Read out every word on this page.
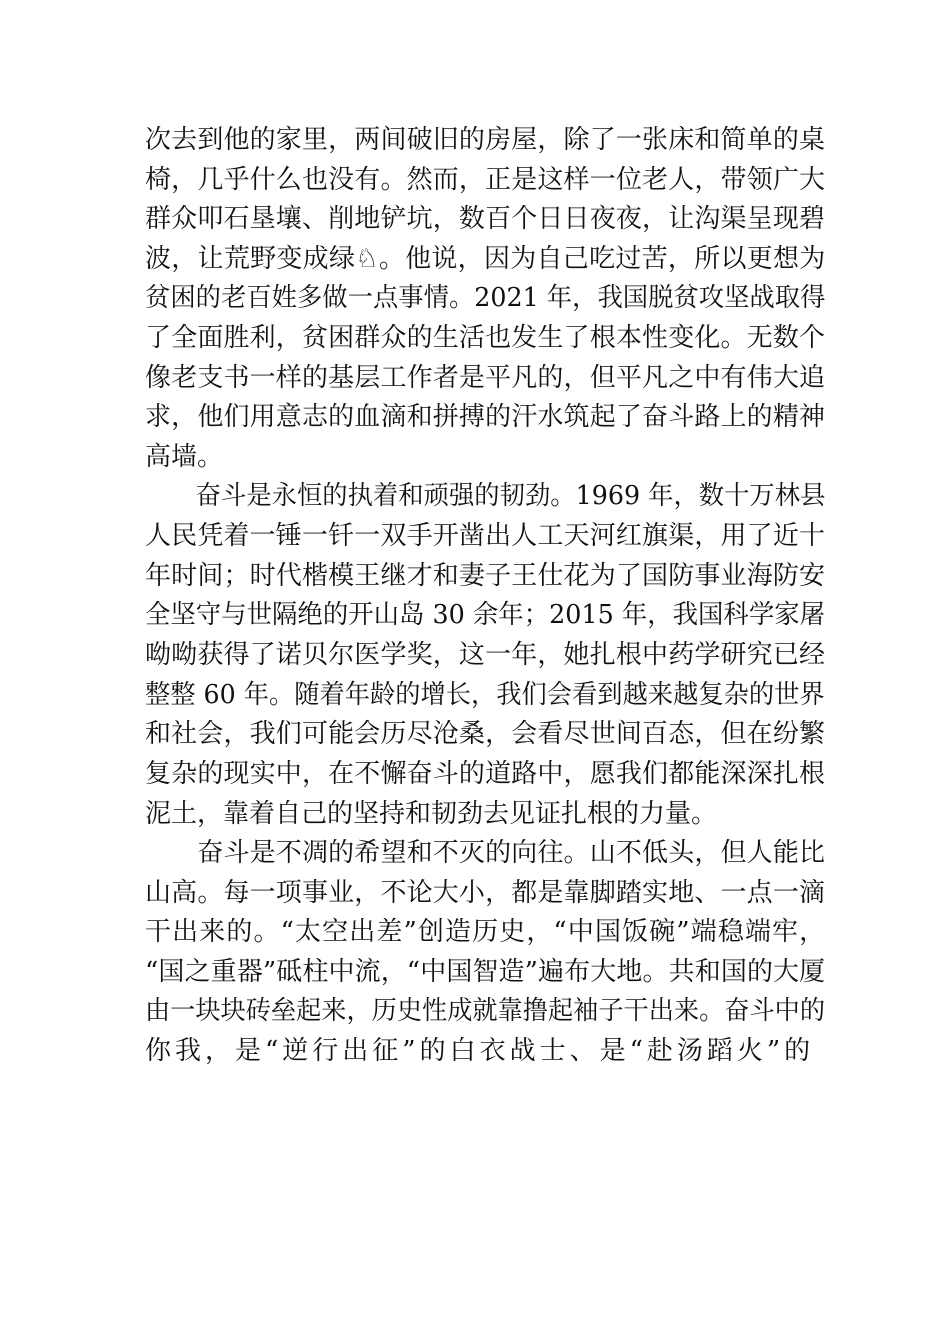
次去到他的家里，两间破旧的房屋，除了一张床和简单的桌
椅，几乎什么也没有。然而，正是这样一位老人，带领广大
群众叩石垦壤、削地铲坑，数百个日日夜夜，让沟渠呈现碧
波，让荒野变成绿♘。他说，因为自己吃过苦，所以更想为
贫困的老百姓多做一点事情。2021 年，我国脱贫攻坚战取得
了全面胜利，贫困群众的生活也发生了根本性变化。无数个
像老支书一样的基层工作者是平凡的，但平凡之中有伟大追
求，他们用意志的血滴和拼搏的汗水筑起了奋斗路上的精神
高墙。
　　奋斗是永恒的执着和顽强的韧劲。1969 年，数十万林县
人民凭着一锤一钎一双手开凿出人工天河红旗渠，用了近十
年时间；时代楷模王继才和妻子王仕花为了国防事业海防安
全坚守与世隔绝的开山岛 30 余年；2015 年，我国科学家屠
呦呦获得了诺贝尔医学奖，这一年，她扎根中药学研究已经
整整 60 年。随着年龄的增长，我们会看到越来越复杂的世界
和社会，我们可能会历尽沧桑，会看尽世间百态，但在纷繁
复杂的现实中，在不懈奋斗的道路中，愿我们都能深深扎根
泥土，靠着自己的坚持和韧劲去见证扎根的力量。
　　奋斗是不凋的希望和不灭的向往。山不低头，但人能比
山高。每一项事业，不论大小，都是靠脚踏实地、一点一滴
干出来的。“太空出差”创造历史，“中国饭碗”端稳端牢，
“国之重器”砥柱中流，“中国智造”遍布大地。共和国的大厦
由一块块砖垒起来，历史性成就靠撸起袖子干出来。奋斗中的
你我，是“逆行出征”的白衣战士、是“赴汤蹈火”的
